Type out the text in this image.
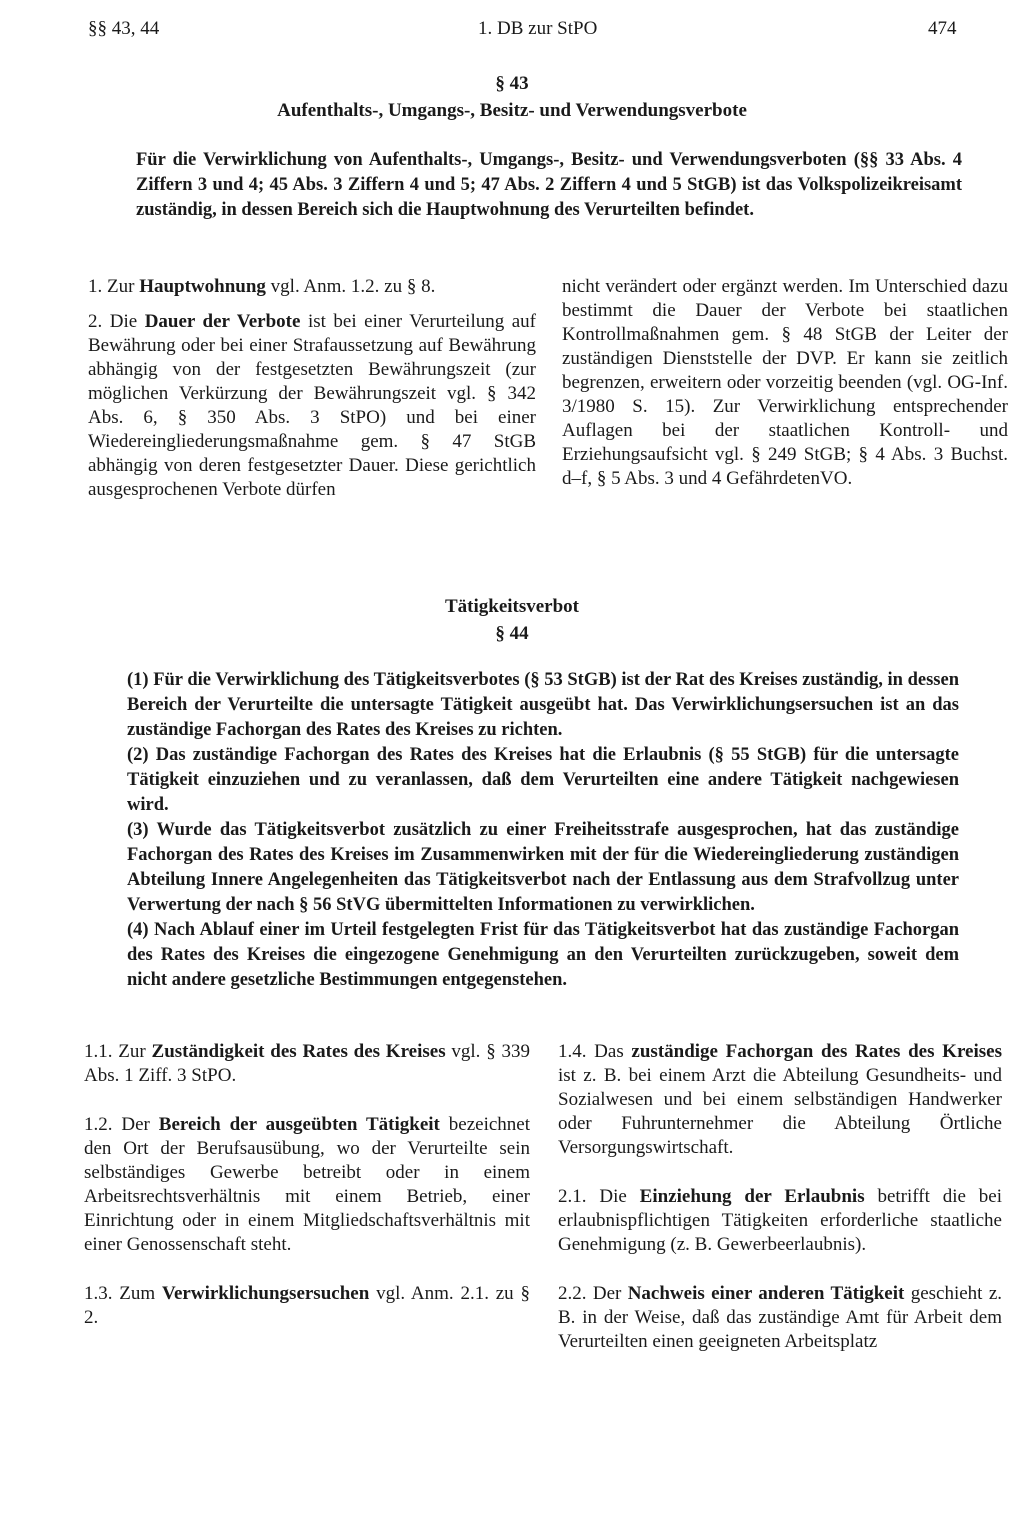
§§ 43, 44	1. DB zur StPO	474
§ 43
Aufenthalts-, Umgangs-, Besitz- und Verwendungsverbote
Für die Verwirklichung von Aufenthalts-, Umgangs-, Besitz- und Verwendungsverboten (§§ 33 Abs. 4 Ziffern 3 und 4; 45 Abs. 3 Ziffern 4 und 5; 47 Abs. 2 Ziffern 4 und 5 StGB) ist das Volkspolizeikreisamt zuständig, in dessen Bereich sich die Hauptwohnung des Verurteilten befindet.

1. Zur Hauptwohnung vgl. Anm. 1.2. zu § 8.

2. Die Dauer der Verbote ist bei einer Verurteilung auf Bewährung oder bei einer Strafaussetzung auf Bewährung abhängig von der festgesetzten Bewährungszeit (zur möglichen Verkürzung der Bewährungszeit vgl. § 342 Abs. 6, § 350 Abs. 3 StPO) und bei einer Wiedereingliederungsmaßnahme gem. § 47 StGB abhängig von deren festgesetzter Dauer. Diese gerichtlich ausgesprochenen Verbote dürfen

nicht verändert oder ergänzt werden. Im Unterschied dazu bestimmt die Dauer der Verbote bei staatlichen Kontrollmaßnahmen gem. § 48 StGB der Leiter der zuständigen Dienststelle der DVP. Er kann sie zeitlich begrenzen, erweitern oder vorzeitig beenden (vgl. OG-Inf. 3/1980 S. 15). Zur Verwirklichung entsprechender Auflagen bei der staatlichen Kontroll- und Erziehungsaufsicht vgl. § 249 StGB; § 4 Abs. 3 Buchst. d–f, § 5 Abs. 3 und 4 GefährdetenVO.

Tätigkeitsverbot
§ 44
(1) Für die Verwirklichung des Tätigkeitsverbotes (§ 53 StGB) ist der Rat des Kreises zuständig, in dessen Bereich der Verurteilte die untersagte Tätigkeit ausgeübt hat. Das Verwirklichungsersuchen ist an das zuständige Fachorgan des Rates des Kreises zu richten.
(2) Das zuständige Fachorgan des Rates des Kreises hat die Erlaubnis (§ 55 StGB) für die untersagte Tätigkeit einzuziehen und zu veranlassen, daß dem Verurteilten eine andere Tätigkeit nachgewiesen wird.
(3) Wurde das Tätigkeitsverbot zusätzlich zu einer Freiheitsstrafe ausgesprochen, hat das zuständige Fachorgan des Rates des Kreises im Zusammenwirken mit der für die Wiedereingliederung zuständigen Abteilung Innere Angelegenheiten das Tätigkeitsverbot nach der Entlassung aus dem Strafvollzug unter Verwertung der nach § 56 StVG übermittelten Informationen zu verwirklichen.
(4) Nach Ablauf einer im Urteil festgelegten Frist für das Tätigkeitsverbot hat das zuständige Fachorgan des Rates des Kreises die eingezogene Genehmigung an den Verurteilten zurückzugeben, soweit dem nicht andere gesetzliche Bestimmungen entgegenstehen.

1.1. Zur Zuständigkeit des Rates des Kreises vgl. § 339 Abs. 1 Ziff. 3 StPO.

1.2. Der Bereich der ausgeübten Tätigkeit bezeichnet den Ort der Berufsausübung, wo der Verurteilte sein selbständiges Gewerbe betreibt oder in einem Arbeitsrechtsverhältnis mit einem Betrieb, einer Einrichtung oder in einem Mitgliedschaftsverhältnis mit einer Genossenschaft steht.

1.3. Zum Verwirklichungsersuchen vgl. Anm. 2.1. zu § 2.

1.4. Das zuständige Fachorgan des Rates des Kreises ist z. B. bei einem Arzt die Abteilung Gesundheits- und Sozialwesen und bei einem selbständigen Handwerker oder Fuhrunternehmer die Abteilung Örtliche Versorgungswirtschaft.

2.1. Die Einziehung der Erlaubnis betrifft die bei erlaubnispflichtigen Tätigkeiten erforderliche staatliche Genehmigung (z. B. Gewerbeerlaubnis).

2.2. Der Nachweis einer anderen Tätigkeit geschieht z. B. in der Weise, daß das zuständige Amt für Arbeit dem Verurteilten einen geeigneten Arbeitsplatz
